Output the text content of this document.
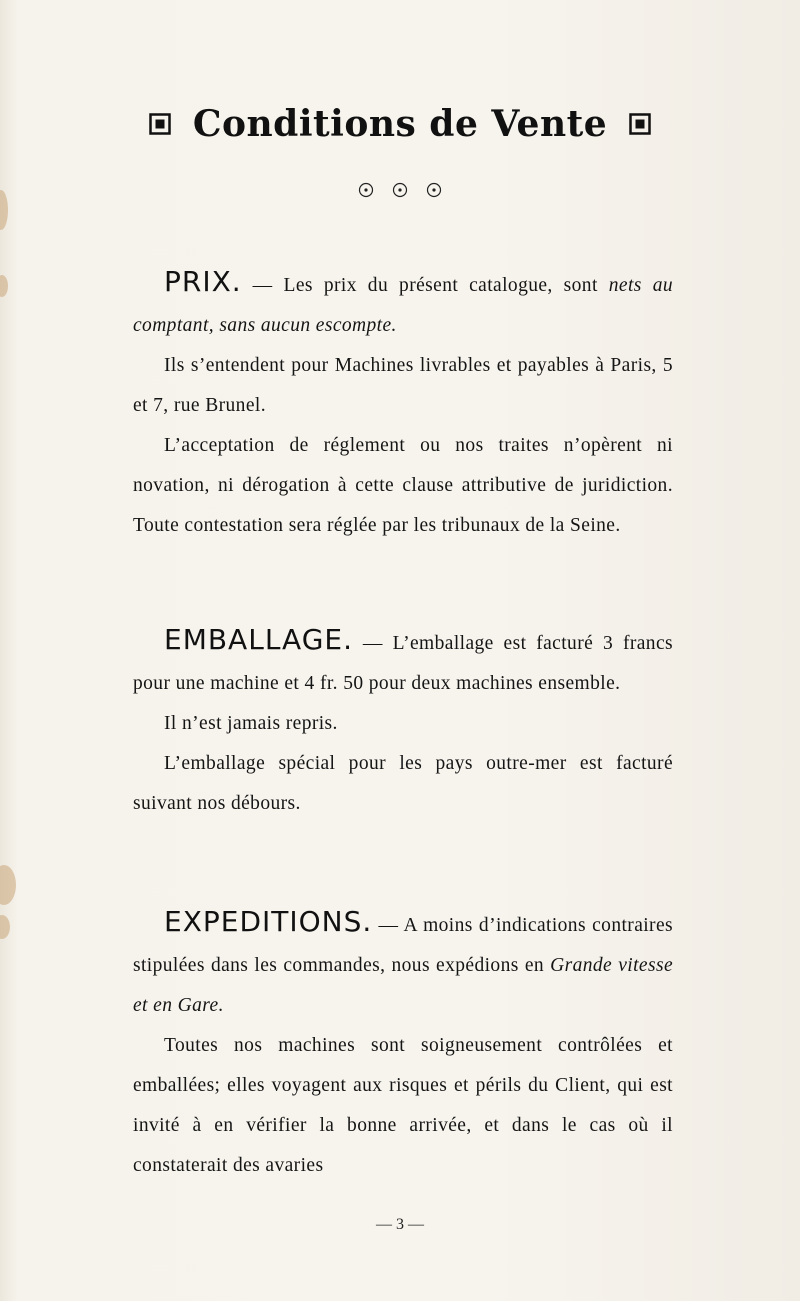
Conditions de Vente

PRIX. — Les prix du présent catalogue, sont nets au comptant, sans aucun escompte.

Ils s’entendent pour Machines livrables et payables à Paris, 5 et 7, rue Brunel.

L’acceptation de réglement ou nos traites n’opèrent ni novation, ni dérogation à cette clause attributive de juridiction. Toute contestation sera réglée par les tribunaux de la Seine.

EMBALLAGE. — L’emballage est facturé 3 francs pour une machine et 4 fr. 50 pour deux machines ensemble.

Il n’est jamais repris.

L’emballage spécial pour les pays outre-mer est facturé suivant nos débours.

EXPEDITIONS. — A moins d’indications contraires stipulées dans les commandes, nous expédions en Grande vitesse et en Gare.

Toutes nos machines sont soigneusement contrôlées et emballées; elles voyagent aux risques et périls du Client, qui est invité à en vérifier la bonne arrivée, et dans le cas où il constaterait des avaries

— 3 —
